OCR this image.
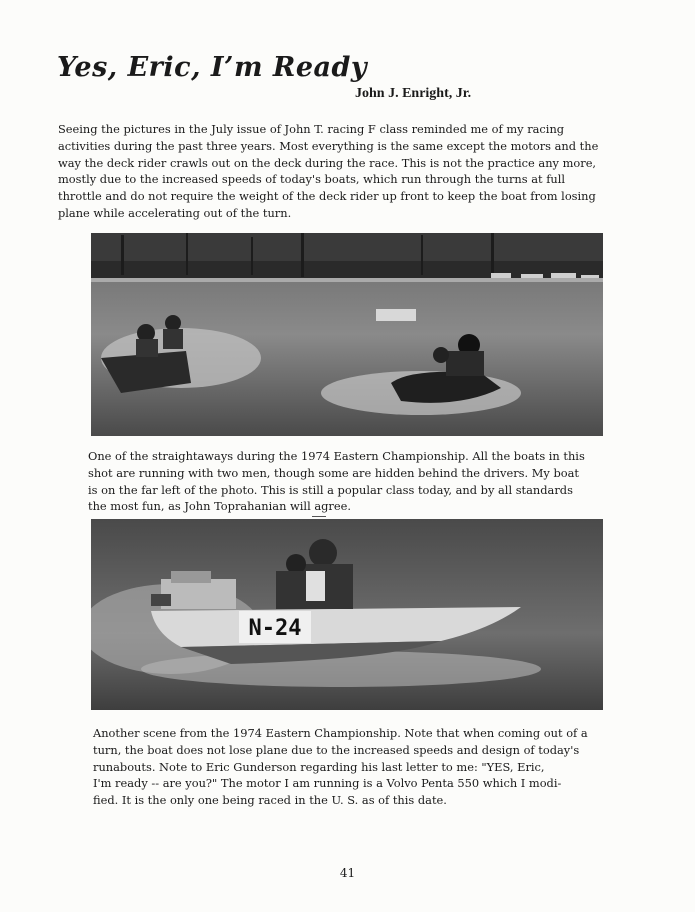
Yes, Eric, I’m Ready
John J. Enright, Jr.
Seeing the pictures in the July issue of John T. racing F class reminded me of my racing
activities during the past three years. Most everything is the same except the motors and the
way the deck rider crawls out on the deck during the race. This is not the practice any more,
mostly due to the increased speeds of today's boats, which run through the turns at full
throttle and do not require the weight of the deck rider up front to keep the boat from losing
plane while accelerating out of the turn.
One of the straightaways during the 1974 Eastern Championship. All the boats in this
shot are running with two men, though some are hidden behind the drivers. My boat
is on the far left of the photo. This is still a popular class today, and by all standards
the most fun, as John Toprahanian will agree.
N-24
Another scene from the 1974 Eastern Championship. Note that when coming out of a
turn, the boat does not lose plane due to the increased speeds and design of today's
runabouts. Note to Eric Gunderson regarding his last letter to me: "YES, Eric,
I'm ready -- are you?" The motor I am running is a Volvo Penta 550 which I modi-
fied. It is the only one being raced in the U. S. as of this date.
41
